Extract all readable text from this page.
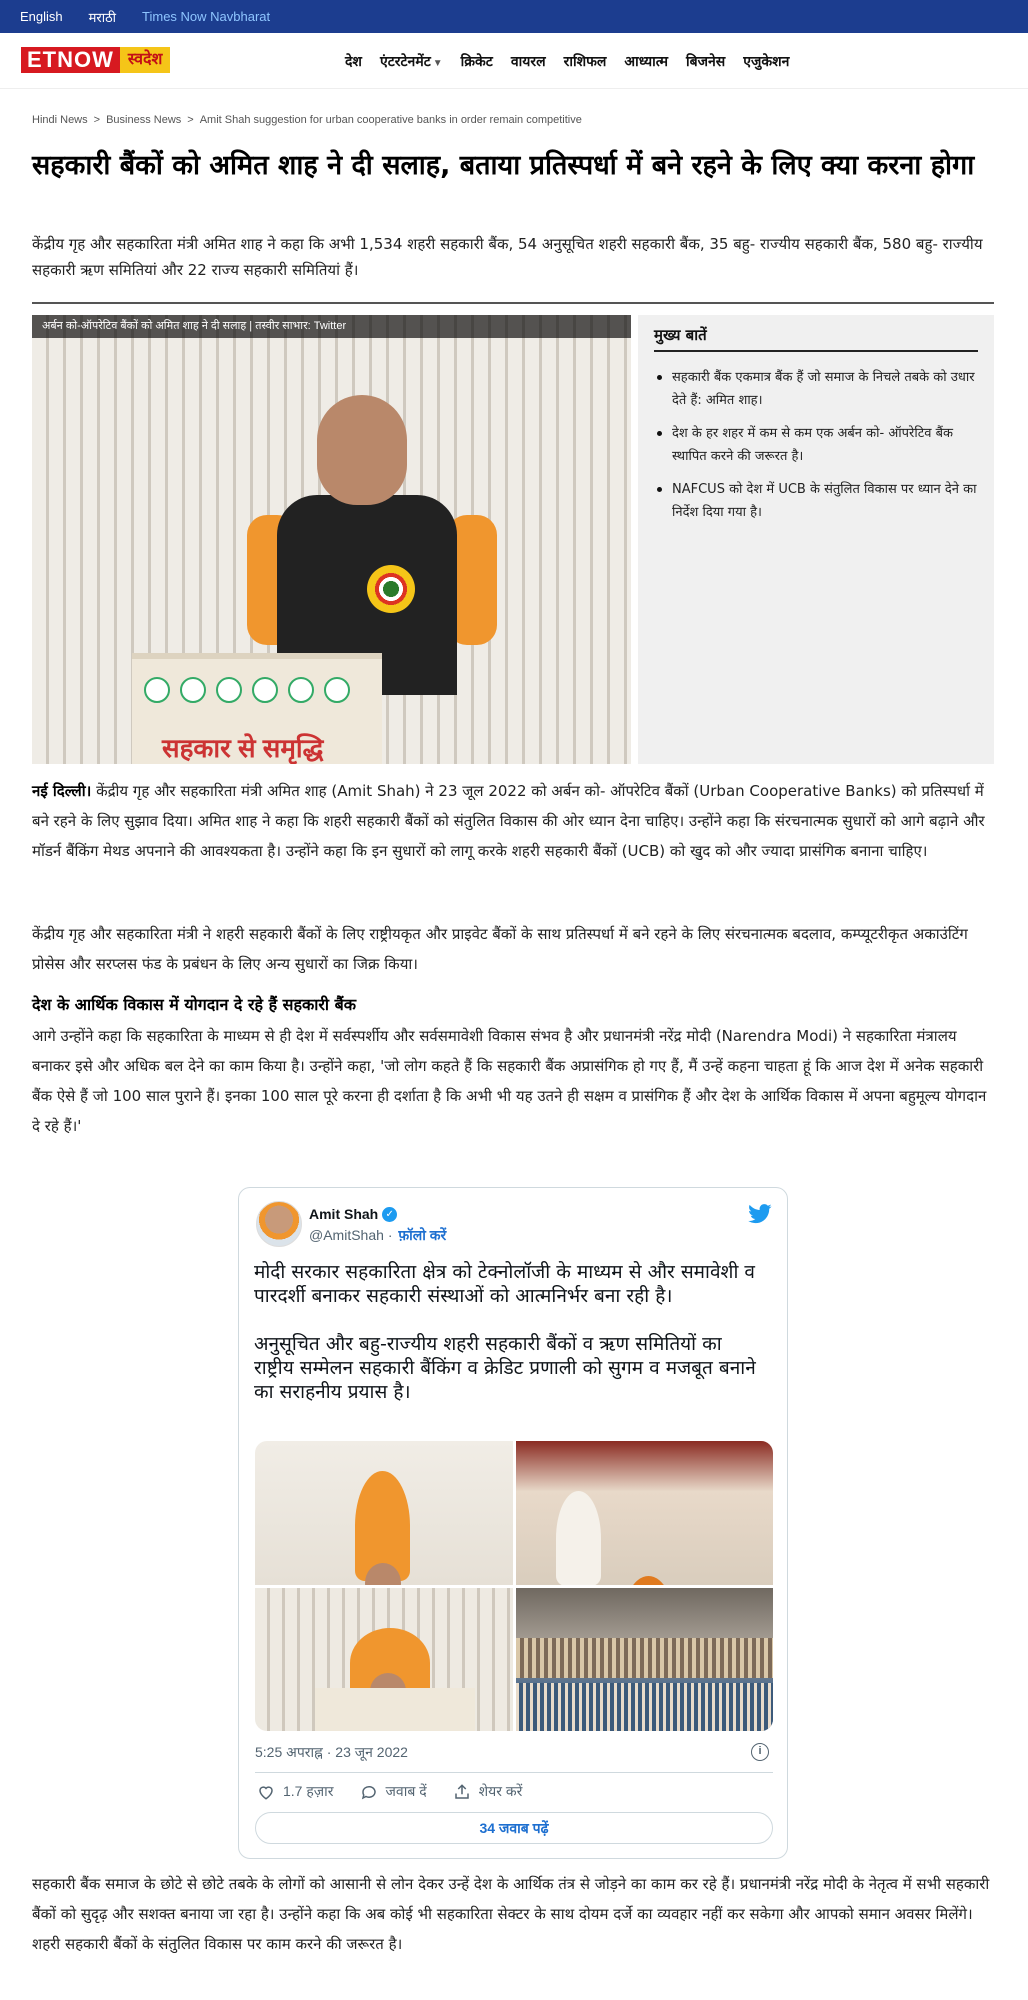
English मराठी Times Now Navbharat
ETNOW स्वदेश	देश एंटरटेनमेंट ▼ क्रिकेट वायरल राशिफल आध्यात्म बिजनेस एजुकेशन
Hindi News > Business News > Amit Shah suggestion for urban cooperative banks in order remain competitive
सहकारी बैंकों को अमित शाह ने दी सलाह, बताया प्रतिस्पर्धा में बने रहने के लिए क्या करना होगा

केंद्रीय गृह और सहकारिता मंत्री अमित शाह ने कहा कि अभी 1,534 शहरी सहकारी बैंक, 54 अनुसूचित शहरी सहकारी बैंक, 35 बहु- राज्यीय सहकारी बैंक, 580 बहु- राज्यीय सहकारी ऋण समितियां और 22 राज्य सहकारी समितियां हैं।

सहकार से समृद्धि
अर्बन को-ऑपरेटिव बैंकों को अमित शाह ने दी सलाह | तस्वीर साभार: Twitter	मुख्य बातें
सहकारी बैंक एकमात्र बैंक हैं जो समाज के निचले तबके को उधार देते हैं: अमित शाह।
देश के हर शहर में कम से कम एक अर्बन को- ऑपरेटिव बैंक स्थापित करने की जरूरत है।
NAFCUS को देश में UCB के संतुलित विकास पर ध्यान देने का निर्देश दिया गया है।

नई दिल्ली। केंद्रीय गृह और सहकारिता मंत्री अमित शाह (Amit Shah) ने 23 जूल 2022 को अर्बन को- ऑपरेटिव बैंकों (Urban Cooperative Banks) को प्रतिस्पर्धा में बने रहने के लिए सुझाव दिया। अमित शाह ने कहा कि शहरी सहकारी बैंकों को संतुलित विकास की ओर ध्यान देना चाहिए। उन्होंने कहा कि संरचनात्मक सुधारों को आगे बढ़ाने और मॉडर्न बैंकिंग मेथड अपनाने की आवश्यकता है। उन्होंने कहा कि इन सुधारों को लागू करके शहरी सहकारी बैंकों (UCB) को खुद को और ज्यादा प्रासंगिक बनाना चाहिए।

केंद्रीय गृह और सहकारिता मंत्री ने शहरी सहकारी बैंकों के लिए राष्ट्रीयकृत और प्राइवेट बैंकों के साथ प्रतिस्पर्धा में बने रहने के लिए संरचनात्मक बदलाव, कम्प्यूटरीकृत अकाउंटिंग प्रोसेस और सरप्लस फंड के प्रबंधन के लिए अन्य सुधारों का जिक्र किया।

देश के आर्थिक विकास में योगदान दे रहे हैं सहकारी बैंक

आगे उन्होंने कहा कि सहकारिता के माध्यम से ही देश में सर्वस्पर्शीय और सर्वसमावेशी विकास संभव है और प्रधानमंत्री नरेंद्र मोदी (Narendra Modi) ने सहकारिता मंत्रालय बनाकर इसे और अधिक बल देने का काम किया है। उन्होंने कहा, 'जो लोग कहते हैं कि सहकारी बैंक अप्रासंगिक हो गए हैं, मैं उन्हें कहना चाहता हूं कि आज देश में अनेक सहकारी बैंक ऐसे हैं जो 100 साल पुराने हैं। इनका 100 साल पूरे करना ही दर्शाता है कि अभी भी यह उतने ही सक्षम व प्रासंगिक हैं और देश के आर्थिक विकास में अपना बहुमूल्य योगदान दे रहे हैं।'

Amit Shah ✓
@AmitShah · फ़ॉलो करें
मोदी सरकार सहकारिता क्षेत्र को टेक्नोलॉजी के माध्यम से और समावेशी व पारदर्शी बनाकर सहकारी संस्थाओं को आत्मनिर्भर बना रही है।

अनुसूचित और बहु-राज्यीय शहरी सहकारी बैंकों व ऋण समितियों का राष्ट्रीय सम्मेलन सहकारी बैंकिंग व क्रेडिट प्रणाली को सुगम व मजबूत बनाने का सराहनीय प्रयास है।
5:25 अपराह्न · 23 जून 2022	i
1.7 हज़ार	जवाब दें	शेयर करें
34 जवाब पढ़ें

सहकारी बैंक समाज के छोटे से छोटे तबके के लोगों को आसानी से लोन देकर उन्हें देश के आर्थिक तंत्र से जोड़ने का काम कर रहे हैं। प्रधानमंत्री नरेंद्र मोदी के नेतृत्व में सभी सहकारी बैंकों को सुदृढ़ और सशक्त बनाया जा रहा है। उन्होंने कहा कि अब कोई भी सहकारिता सेक्टर के साथ दोयम दर्जे का व्यवहार नहीं कर सकेगा और आपको समान अवसर मिलेंगे। शहरी सहकारी बैंकों के संतुलित विकास पर काम करने की जरूरत है।
